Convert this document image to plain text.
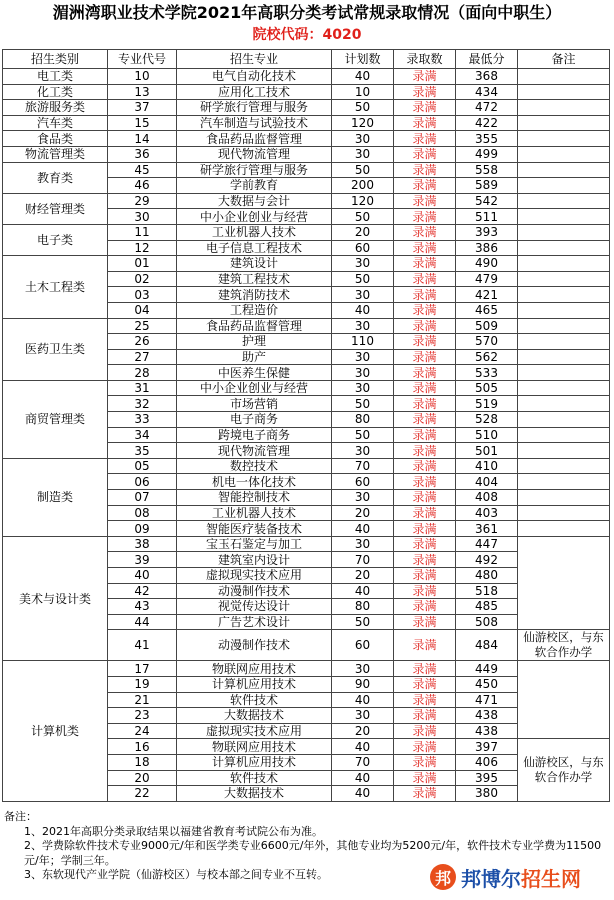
湄洲湾职业技术学院2021年高职分类考试常规录取情况（面向中职生）
院校代码：4020
招生类别	专业代号	招生专业	计划数	录取数	最低分	备注
电工类	10	电气自动化技术	40	录满	368	
化工类	13	应用化工技术	10	录满	434	
旅游服务类	37	研学旅行管理与服务	50	录满	472	
汽车类	15	汽车制造与试验技术	120	录满	422	
食品类	14	食品药品监督管理	30	录满	355	
物流管理类	36	现代物流管理	30	录满	499	
教育类	45	研学旅行管理与服务	50	录满	558	
	46	学前教育	200	录满	589	
财经管理类	29	大数据与会计	120	录满	542	
	30	中小企业创业与经营	50	录满	511	
电子类	11	工业机器人技术	20	录满	393	
	12	电子信息工程技术	60	录满	386	
土木工程类	01	建筑设计	30	录满	490	
	02	建筑工程技术	50	录满	479	
	03	建筑消防技术	30	录满	421	
	04	工程造价	40	录满	465	
医药卫生类	25	食品药品监督管理	30	录满	509	
	26	护理	110	录满	570	
	27	助产	30	录满	562	
	28	中医养生保健	30	录满	533	
商贸管理类	31	中小企业创业与经营	30	录满	505	
	32	市场营销	50	录满	519	
	33	电子商务	80	录满	528	
	34	跨境电子商务	50	录满	510	
	35	现代物流管理	30	录满	501	
制造类	05	数控技术	70	录满	410	
	06	机电一体化技术	60	录满	404	
	07	智能控制技术	30	录满	408	
	08	工业机器人技术	20	录满	403	
	09	智能医疗装备技术	40	录满	361	
美术与设计类	38	宝玉石鉴定与加工	30	录满	447	
	39	建筑室内设计	70	录满	492	
	40	虚拟现实技术应用	20	录满	480	
	42	动漫制作技术	40	录满	518	
	43	视觉传达设计	80	录满	485	
	44	广告艺术设计	50	录满	508	
	41	动漫制作技术	60	录满	484	仙游校区，与东软合作办学
计算机类	17	物联网应用技术	30	录满	449	
	19	计算机应用技术	90	录满	450	
	21	软件技术	40	录满	471	
	23	大数据技术	30	录满	438	
	24	虚拟现实技术应用	20	录满	438	
	16	物联网应用技术	40	录满	397	仙游校区，与东软合作办学
	18	计算机应用技术	70	录满	406	
	20	软件技术	40	录满	395	
	22	大数据技术	40	录满	380	
备注：
1、2021年高职分类录取结果以福建省教育考试院公布为准。
2、学费除软件技术专业9000元/年和医学类专业6600元/年外，其他专业均为5200元/年，软件技术专业学费为11500元/年；学制三年。
3、东软现代产业学院（仙游校区）与校本部之间专业不互转。	邦 邦博尔招生网
